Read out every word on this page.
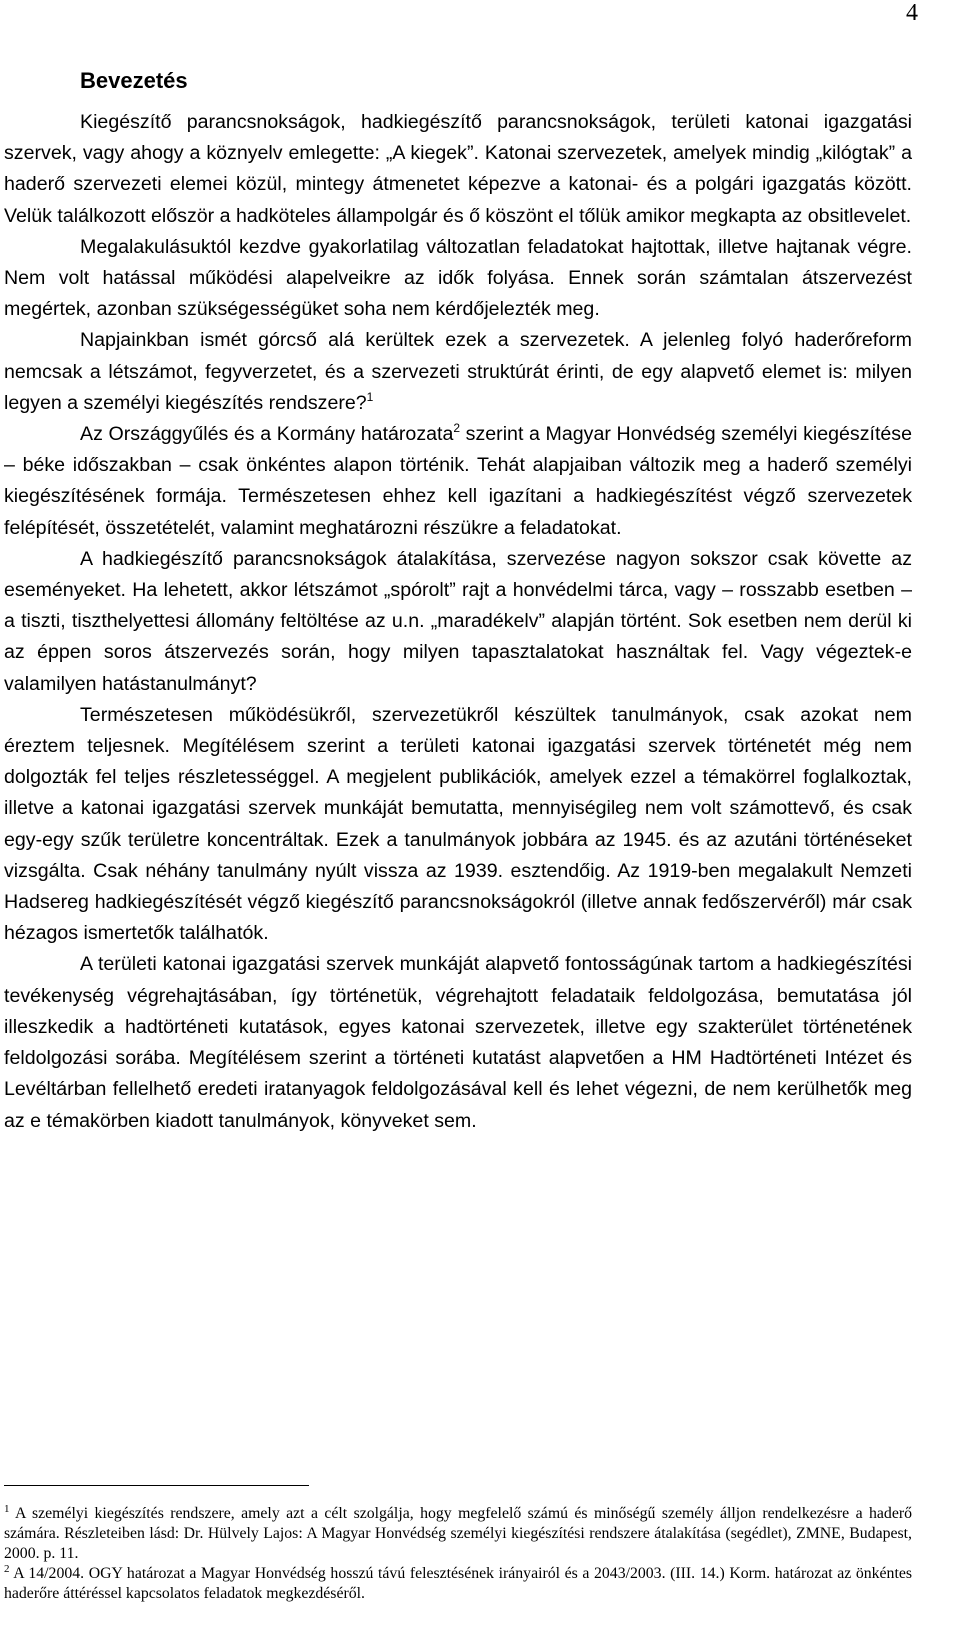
4
Bevezetés

Kiegészítő parancsnokságok, hadkiegészítő parancsnokságok, területi katonai igazgatási szervek, vagy ahogy a köznyelv emlegette: „A kiegek”. Katonai szervezetek, amelyek mindig „kilógtak” a haderő szervezeti elemei közül, mintegy átmenetet képezve a katonai- és a polgári igazgatás között. Velük találkozott először a hadköteles állampolgár és ő köszönt el tőlük amikor megkapta az obsitlevelet.

Megalakulásuktól kezdve gyakorlatilag változatlan feladatokat hajtottak, illetve hajtanak végre. Nem volt hatással működési alapelveikre az idők folyása. Ennek során számtalan átszervezést megértek, azonban szükségességüket soha nem kérdőjelezték meg.

Napjainkban ismét górcső alá kerültek ezek a szervezetek. A jelenleg folyó haderőreform nemcsak a létszámot, fegyverzetet, és a szervezeti struktúrát érinti, de egy alapvető elemet is: milyen legyen a személyi kiegészítés rendszere?$^1$

Az Országgyűlés és a Kormány határozata$^2$ szerint a Magyar Honvédség személyi kiegészítése – béke időszakban – csak önkéntes alapon történik. Tehát alapjaiban változik meg a haderő személyi kiegészítésének formája. Természetesen ehhez kell igazítani a hadkiegészítést végző szervezetek felépítését, összetételét, valamint meghatározni részükre a feladatokat.

A hadkiegészítő parancsnokságok átalakítása, szervezése nagyon sokszor csak követte az eseményeket. Ha lehetett, akkor létszámot „spórolt” rajt a honvédelmi tárca, vagy – rosszabb esetben – a tiszti, tiszthelyettesi állomány feltöltése az u.n. „maradékelv” alapján történt. Sok esetben nem derül ki az éppen soros átszervezés során, hogy milyen tapasztalatokat használtak fel. Vagy végeztek-e valamilyen hatástanulmányt?

Természetesen működésükről, szervezetükről készültek tanulmányok, csak azokat nem éreztem teljesnek. Megítélésem szerint a területi katonai igazgatási szervek történetét még nem dolgozták fel teljes részletességgel. A megjelent publikációk, amelyek ezzel a témakörrel foglalkoztak, illetve a katonai igazgatási szervek munkáját bemutatta, mennyiségileg nem volt számottevő, és csak egy-egy szűk területre koncentráltak. Ezek a tanulmányok jobbára az 1945. és az azutáni történéseket vizsgálta. Csak néhány tanulmány nyúlt vissza az 1939. esztendőig. Az 1919-ben megalakult Nemzeti Hadsereg hadkiegészítését végző kiegészítő parancsnokságokról (illetve annak fedőszervéről) már csak hézagos ismertetők találhatók.

A területi katonai igazgatási szervek munkáját alapvető fontosságúnak tartom a hadkiegészítési tevékenység végrehajtásában, így történetük, végrehajtott feladataik feldolgozása, bemutatása jól illeszkedik a hadtörténeti kutatások, egyes katonai szervezetek, illetve egy szakterület történetének feldolgozási sorába. Megítélésem szerint a történeti kutatást alapvetően a HM Hadtörténeti Intézet és Levéltárban fellelhető eredeti iratanyagok feldolgozásával kell és lehet végezni, de nem kerülhetők meg az e témakörben kiadott tanulmányok, könyveket sem.

$^1$ A személyi kiegészítés rendszere, amely azt a célt szolgálja, hogy megfelelő számú és minőségű személy álljon rendelkezésre a haderő számára. Részleteiben lásd: Dr. Hülvely Lajos: A Magyar Honvédség személyi kiegészítési rendszere átalakítása (segédlet), ZMNE, Budapest, 2000. p. 11.

$^2$ A 14/2004. OGY határozat a Magyar Honvédség hosszú távú felesztésének irányairól és a 2043/2003. (III. 14.) Korm. határozat az önkéntes haderőre áttéréssel kapcsolatos feladatok megkezdéséről.
